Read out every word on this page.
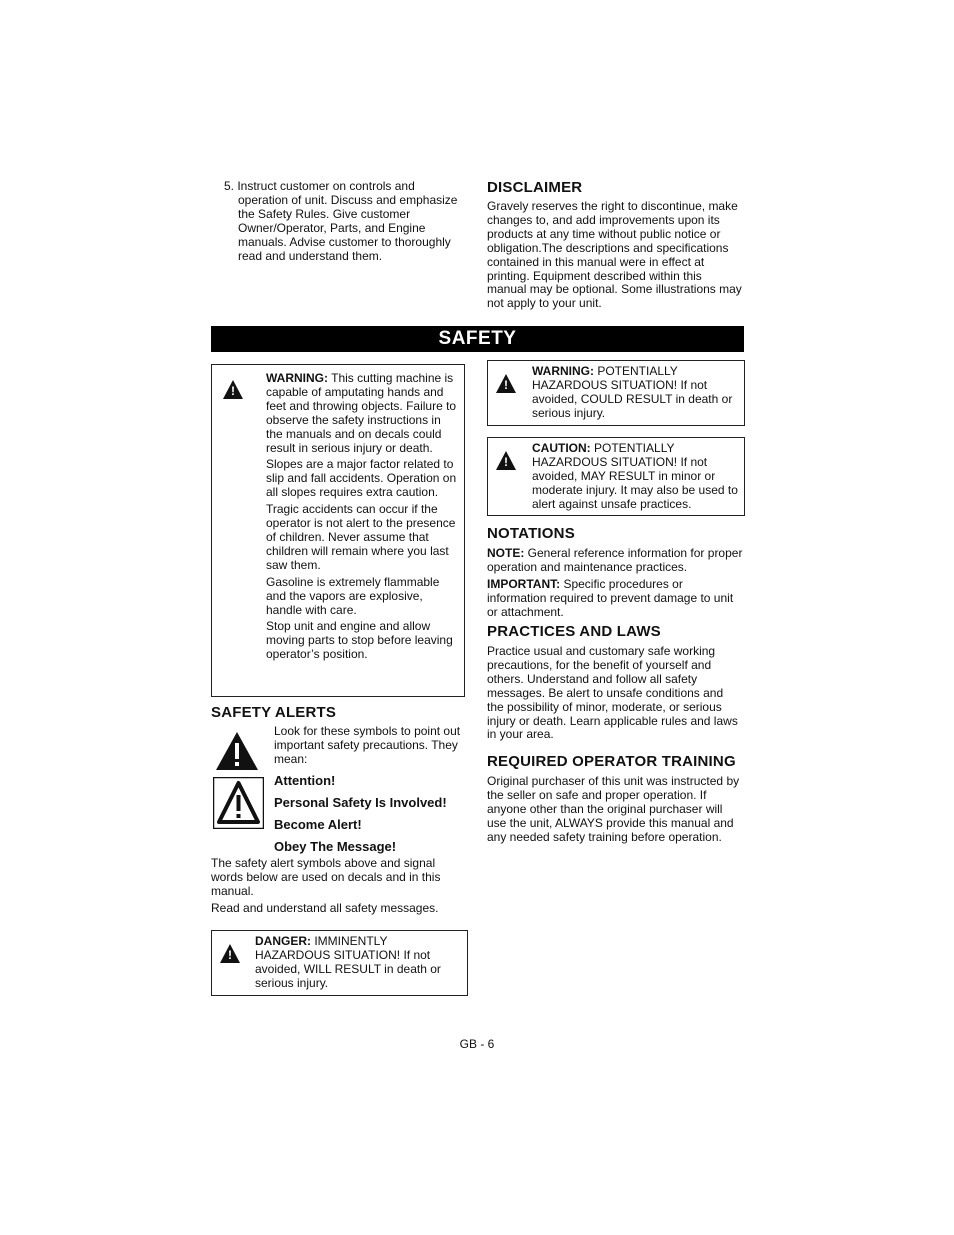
5. Instruct customer on controls and
operation of unit. Discuss and emphasize the Safety Rules. Give customer Owner/Operator, Parts, and Engine manuals. Advise customer to thoroughly read and understand them.
DISCLAIMER

Gravely reserves the right to discontinue, make changes to, and add improvements upon its products at any time without public notice or obligation.The descriptions and specifications contained in this manual were in effect at printing. Equipment described within this manual may be optional. Some illustrations may not apply to your unit.

SAFETY
!

WARNING: This cutting machine is capable of amputating hands and feet and throwing objects. Failure to observe the safety instructions in the manuals and on decals could result in serious injury or death.

Slopes are a major factor related to slip and fall accidents. Operation on all slopes requires extra caution.

Tragic accidents can occur if the operator is not alert to the presence of children. Never assume that children will remain where you last saw them.

Gasoline is extremely flammable and the vapors are explosive, handle with care.

Stop unit and engine and allow moving parts to stop before leaving operator’s position.

!
WARNING: POTENTIALLY HAZARDOUS SITUATION! If not avoided, COULD RESULT in death or serious injury.
!
CAUTION: POTENTIALLY HAZARDOUS SITUATION! If not avoided, MAY RESULT in minor or moderate injury. It may also be used to alert against unsafe practices.
NOTATIONS

NOTE: General reference information for proper operation and maintenance practices.

IMPORTANT: Specific procedures or information required to prevent damage to unit or attachment.

PRACTICES AND LAWS

Practice usual and customary safe working precautions, for the benefit of yourself and others. Understand and follow all safety messages. Be alert to unsafe conditions and the possibility of minor, moderate, or serious injury or death. Learn applicable rules and laws in your area.

REQUIRED OPERATOR TRAINING

Original purchaser of this unit was instructed by the seller on safe and proper operation. If anyone other than the original purchaser will use the unit, ALWAYS provide this manual and any needed safety training before operation.

SAFETY ALERTS
Look for these symbols to point out important safety precautions. They mean:
Attention!
Personal Safety Is Involved!
Become Alert!
Obey The Message!

The safety alert symbols above and signal words below are used on decals and in this manual.

Read and understand all safety messages.

!
DANGER: IMMINENTLY HAZARDOUS SITUATION! If not avoided, WILL RESULT in death or serious injury.
GB - 6
